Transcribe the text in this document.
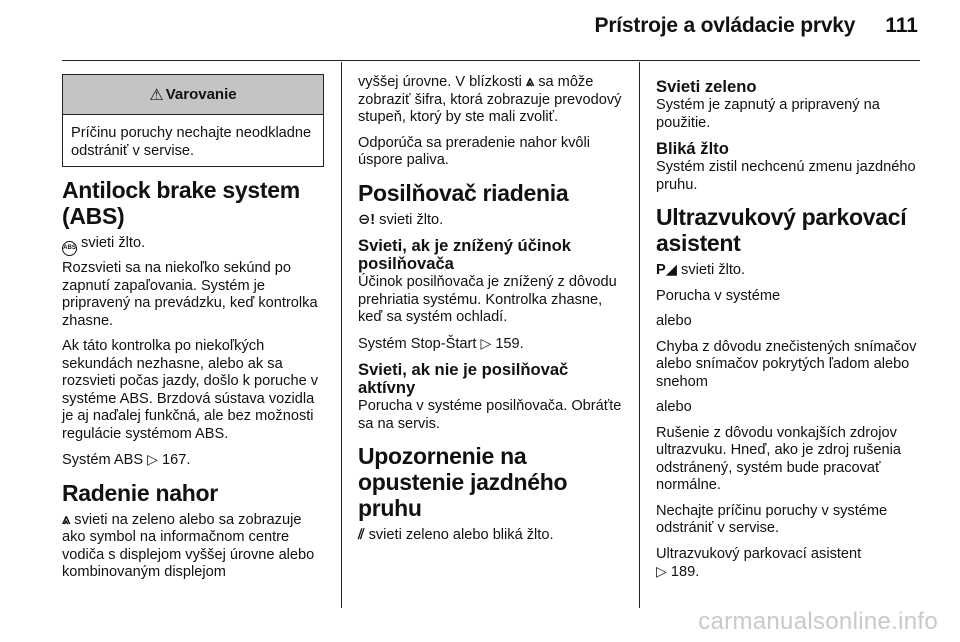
Prístroje a ovládacie prvky 111
⚠ Varovanie

Príčinu poruchy nechajte neodkladne odstrániť v servise.

Antilock brake system (ABS)

ABS svieti žlto.

Rozsvieti sa na niekoľko sekúnd po zapnutí zapaľovania. Systém je pripravený na prevádzku, keď kontrolka zhasne.

Ak táto kontrolka po niekoľkých sekundách nezhasne, alebo ak sa rozsvieti počas jazdy, došlo k poruche v systéme ABS. Brzdová sústava vozidla je aj naďalej funkčná, ale bez možnosti regulácie systémom ABS.

Systém ABS ▷ 167.

Radenie nahor

⩓ svieti na zeleno alebo sa zobrazuje ako symbol na informačnom centre vodiča s displejom vyššej úrovne alebo kombinovaným displejom

vyššej úrovne. V blízkosti ⩓ sa môže zobraziť šifra, ktorá zobrazuje prevodový stupeň, ktorý by ste mali zvoliť.

Odporúča sa preradenie nahor kvôli úspore paliva.

Posilňovač riadenia

⊖! svieti žlto.

Svieti, ak je znížený účinok posilňovača

Účinok posilňovača je znížený z dôvodu prehriatia systému. Kontrolka zhasne, keď sa systém ochladí.

Systém Stop-Štart ▷ 159.

Svieti, ak nie je posilňovač aktívny

Porucha v systéme posilňovača. Obráťte sa na servis.

Upozornenie na opustenie jazdného pruhu

⫽ svieti zeleno alebo bliká žlto.

Svieti zeleno

Systém je zapnutý a pripravený na použitie.

Bliká žlto

Systém zistil nechcenú zmenu jazdného pruhu.

Ultrazvukový parkovací asistent

P◢ svieti žlto.

Porucha v systéme

alebo

Chyba z dôvodu znečistených snímačov alebo snímačov pokrytých ľadom alebo snehom

alebo

Rušenie z dôvodu vonkajších zdrojov ultrazvuku. Hneď, ako je zdroj rušenia odstránený, systém bude pracovať normálne.

Nechajte príčinu poruchy v systéme odstrániť v servise.

Ultrazvukový parkovací asistent
▷ 189.

carmanualsonline.info
